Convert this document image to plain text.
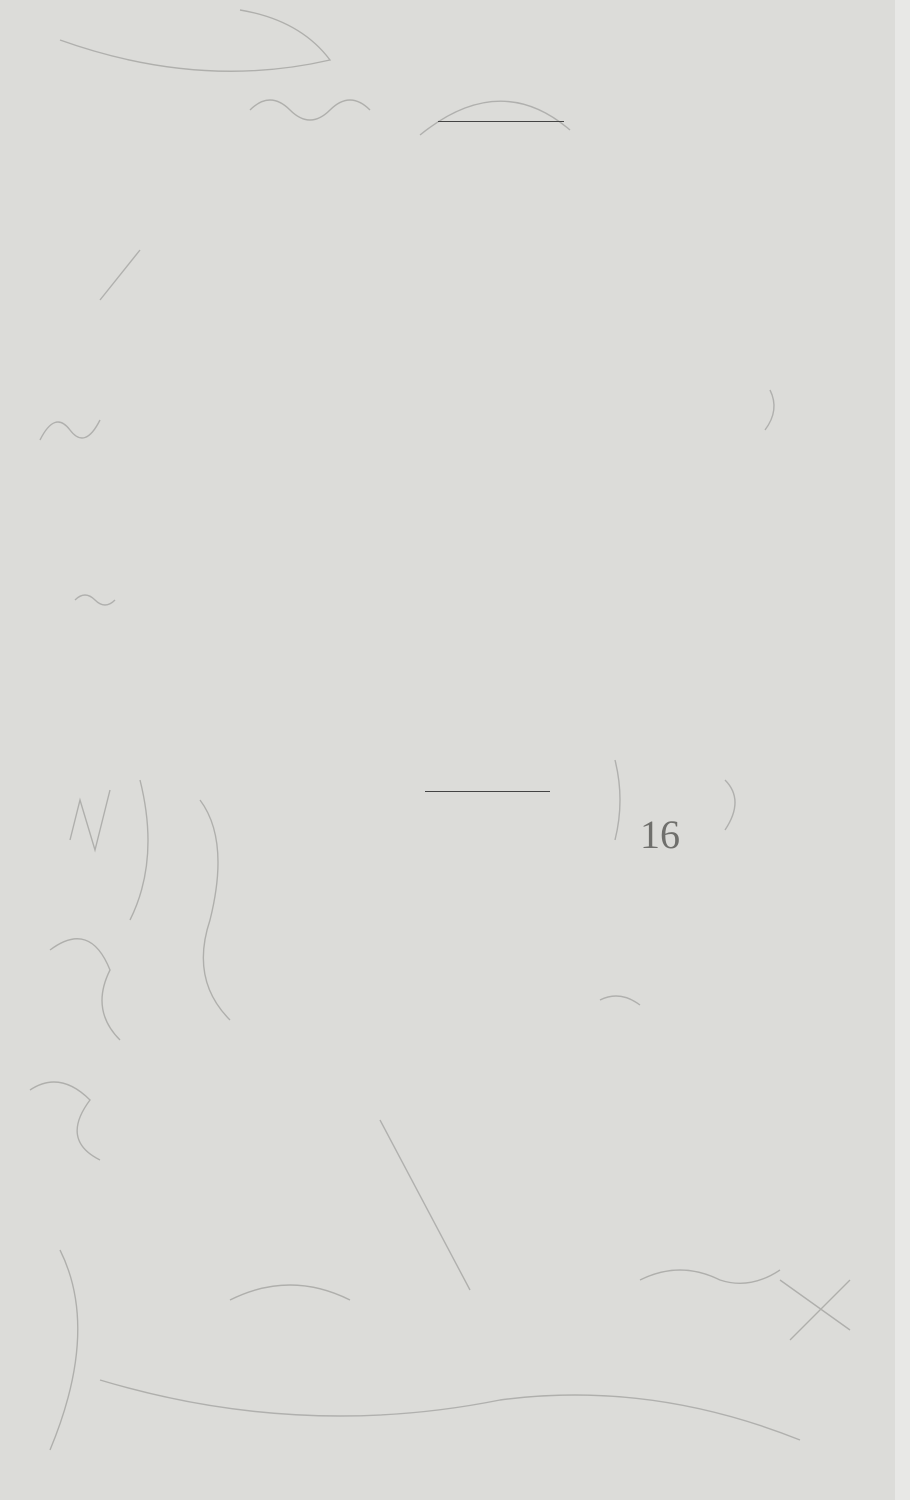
16
